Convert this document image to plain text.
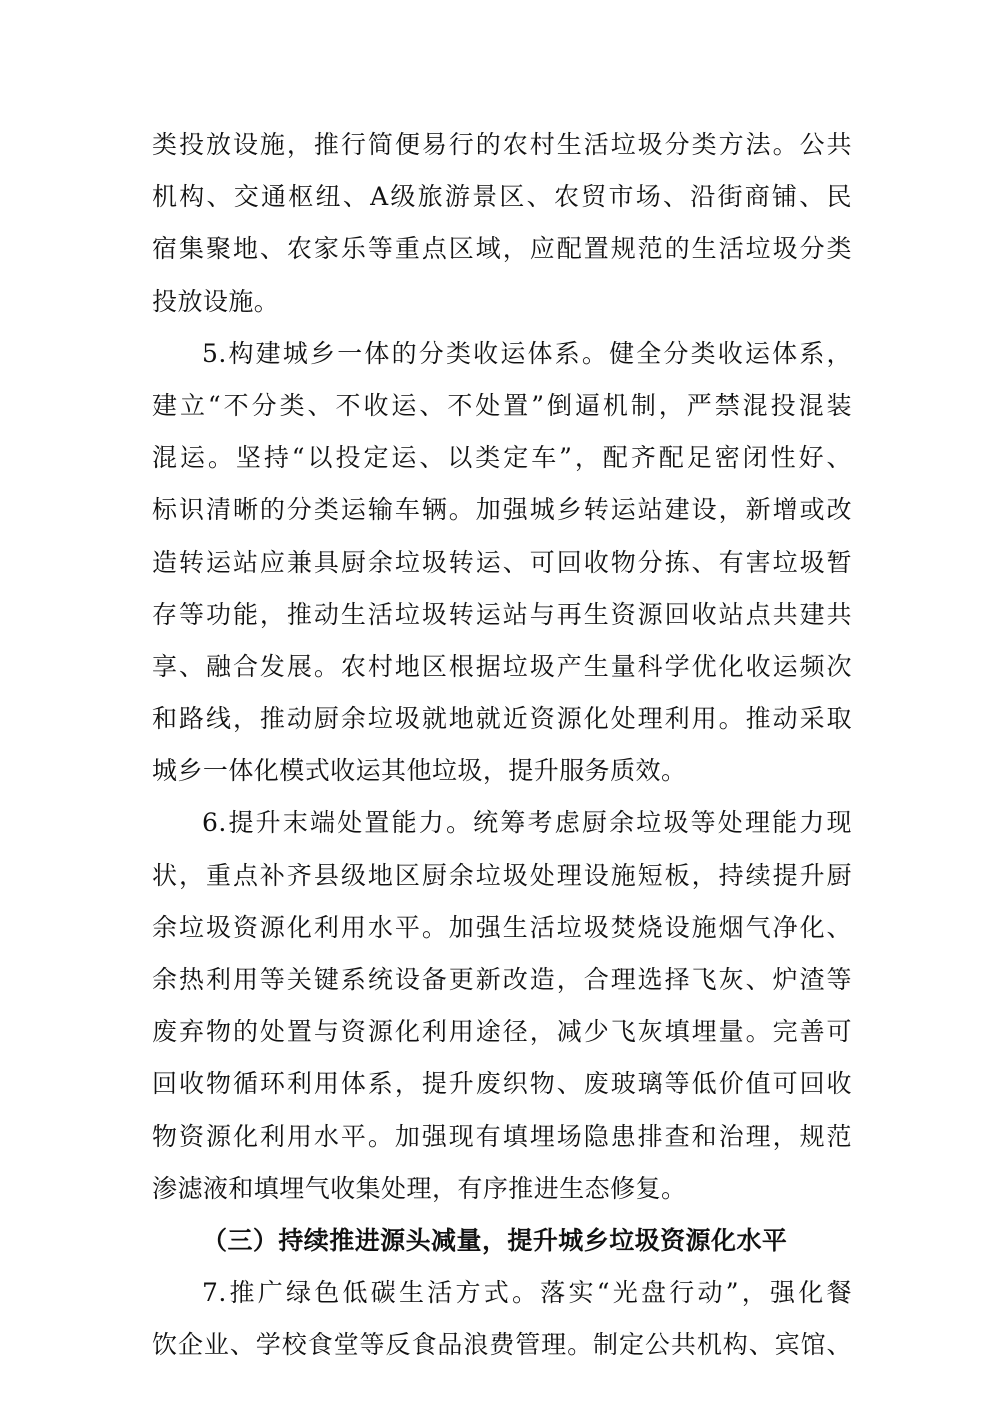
类投放设施，推行简便易行的农村生活垃圾分类方法。公共
机构、交通枢纽、A级旅游景区、农贸市场、沿街商铺、民
宿集聚地、农家乐等重点区域，应配置规范的生活垃圾分类
投放设施。
5.构建城乡一体的分类收运体系。健全分类收运体系，
建立“不分类、不收运、不处置”倒逼机制，严禁混投混装
混运。坚持“以投定运、以类定车”，配齐配足密闭性好、
标识清晰的分类运输车辆。加强城乡转运站建设，新增或改
造转运站应兼具厨余垃圾转运、可回收物分拣、有害垃圾暂
存等功能，推动生活垃圾转运站与再生资源回收站点共建共
享、融合发展。农村地区根据垃圾产生量科学优化收运频次
和路线，推动厨余垃圾就地就近资源化处理利用。推动采取
城乡一体化模式收运其他垃圾，提升服务质效。
6.提升末端处置能力。统筹考虑厨余垃圾等处理能力现
状，重点补齐县级地区厨余垃圾处理设施短板，持续提升厨
余垃圾资源化利用水平。加强生活垃圾焚烧设施烟气净化、
余热利用等关键系统设备更新改造，合理选择飞灰、炉渣等
废弃物的处置与资源化利用途径，减少飞灰填埋量。完善可
回收物循环利用体系，提升废织物、废玻璃等低价值可回收
物资源化利用水平。加强现有填埋场隐患排查和治理，规范
渗滤液和填埋气收集处理，有序推进生态修复。
（三）持续推进源头减量，提升城乡垃圾资源化水平
7.推广绿色低碳生活方式。落实“光盘行动”，强化餐
饮企业、学校食堂等反食品浪费管理。制定公共机构、宾馆、
